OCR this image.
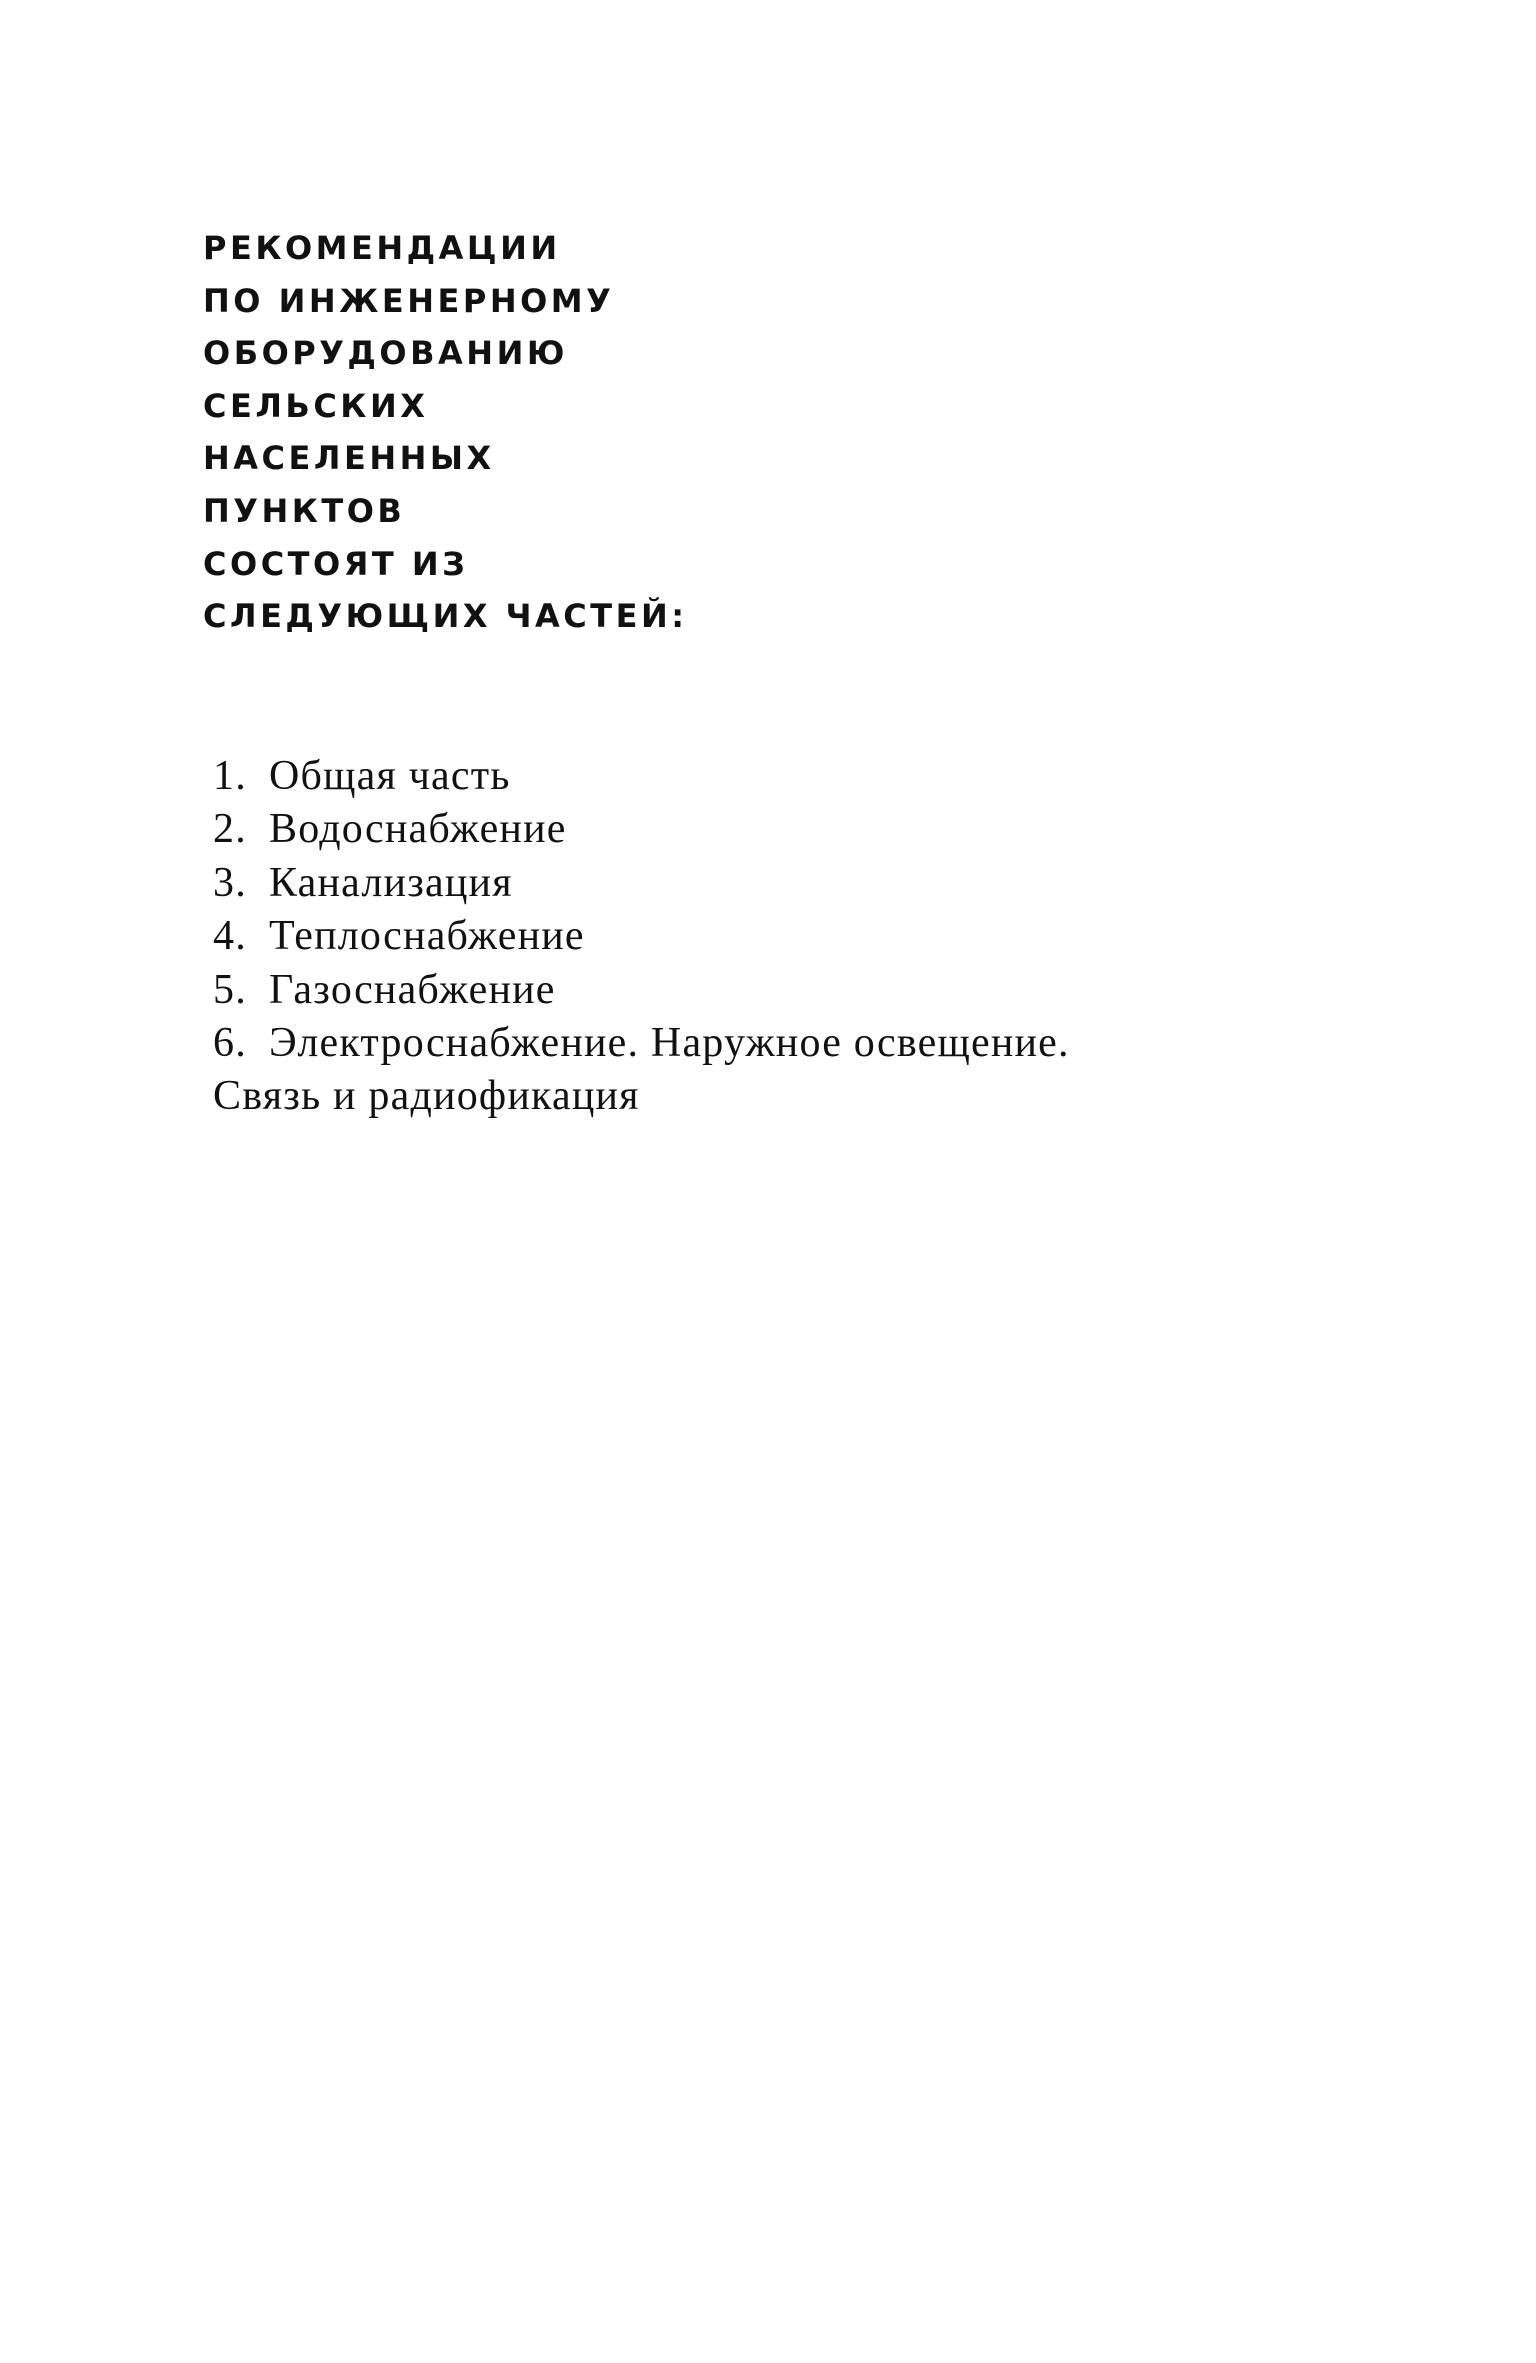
РЕКОМЕНДАЦИИ
ПО ИНЖЕНЕРНОМУ
ОБОРУДОВАНИЮ
СЕЛЬСКИХ
НАСЕЛЕННЫХ
ПУНКТОВ
СОСТОЯТ ИЗ
СЛЕДУЮЩИХ ЧАСТЕЙ:
1. Общая часть
2. Водоснабжение
3. Канализация
4. Теплоснабжение
5. Газоснабжение
6. Электроснабжение. Наружное освещение.
Связь и радиофикация
